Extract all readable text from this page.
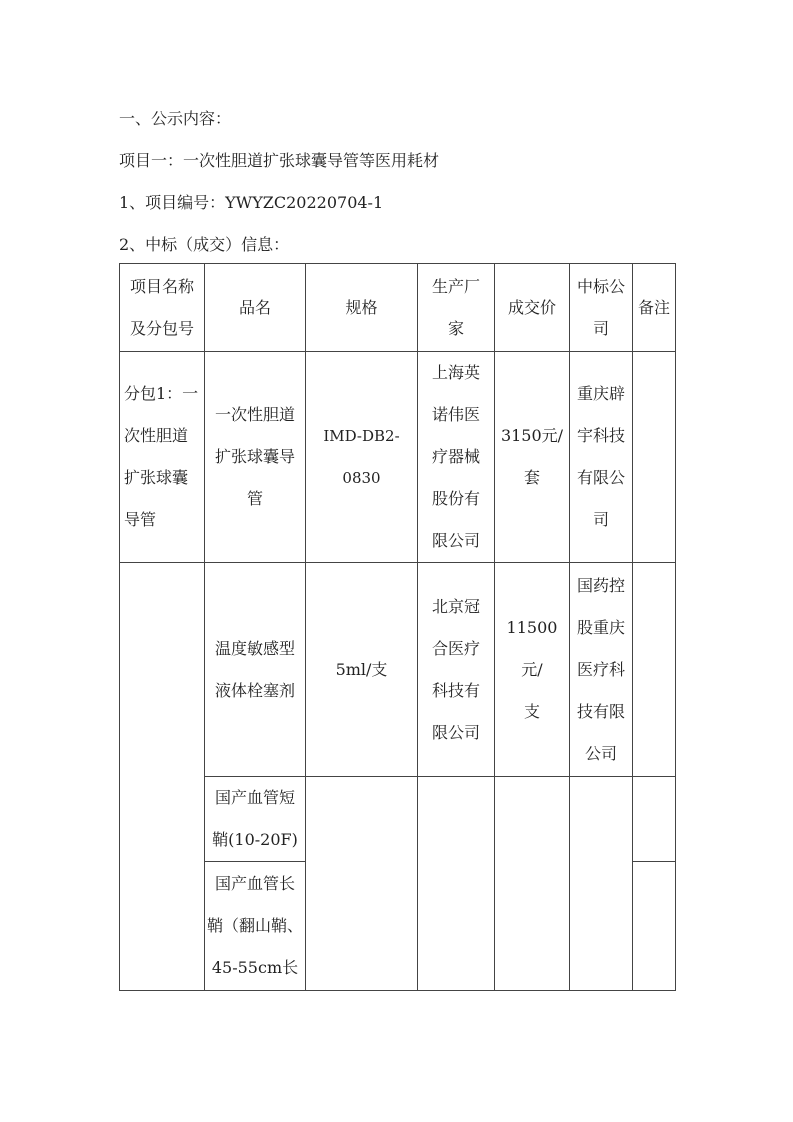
一、公示内容：
项目一：一次性胆道扩张球囊导管等医用耗材
1、项目编号：YWYZC20220704-1
2、中标（成交）信息：
项目名称
及分包号
品名	规格
生产厂
家
成交价
中标公
司
备注
分包1：一
次性胆道
扩张球囊
导管
一次性胆道
扩张球囊导
管
IMD-DB2-0830
上海英
诺伟医
疗器械
股份有
限公司
3150元/
套
重庆辟
宇科技
有限公
司
温度敏感型
液体栓塞剂
5ml/支
北京冠
合医疗
科技有
限公司
11500元/
支
国药控
股重庆
医疗科
技有限
公司
国产血管短
鞘(10-20F)
国产血管长
鞘（翻山鞘、
45-55cm长
